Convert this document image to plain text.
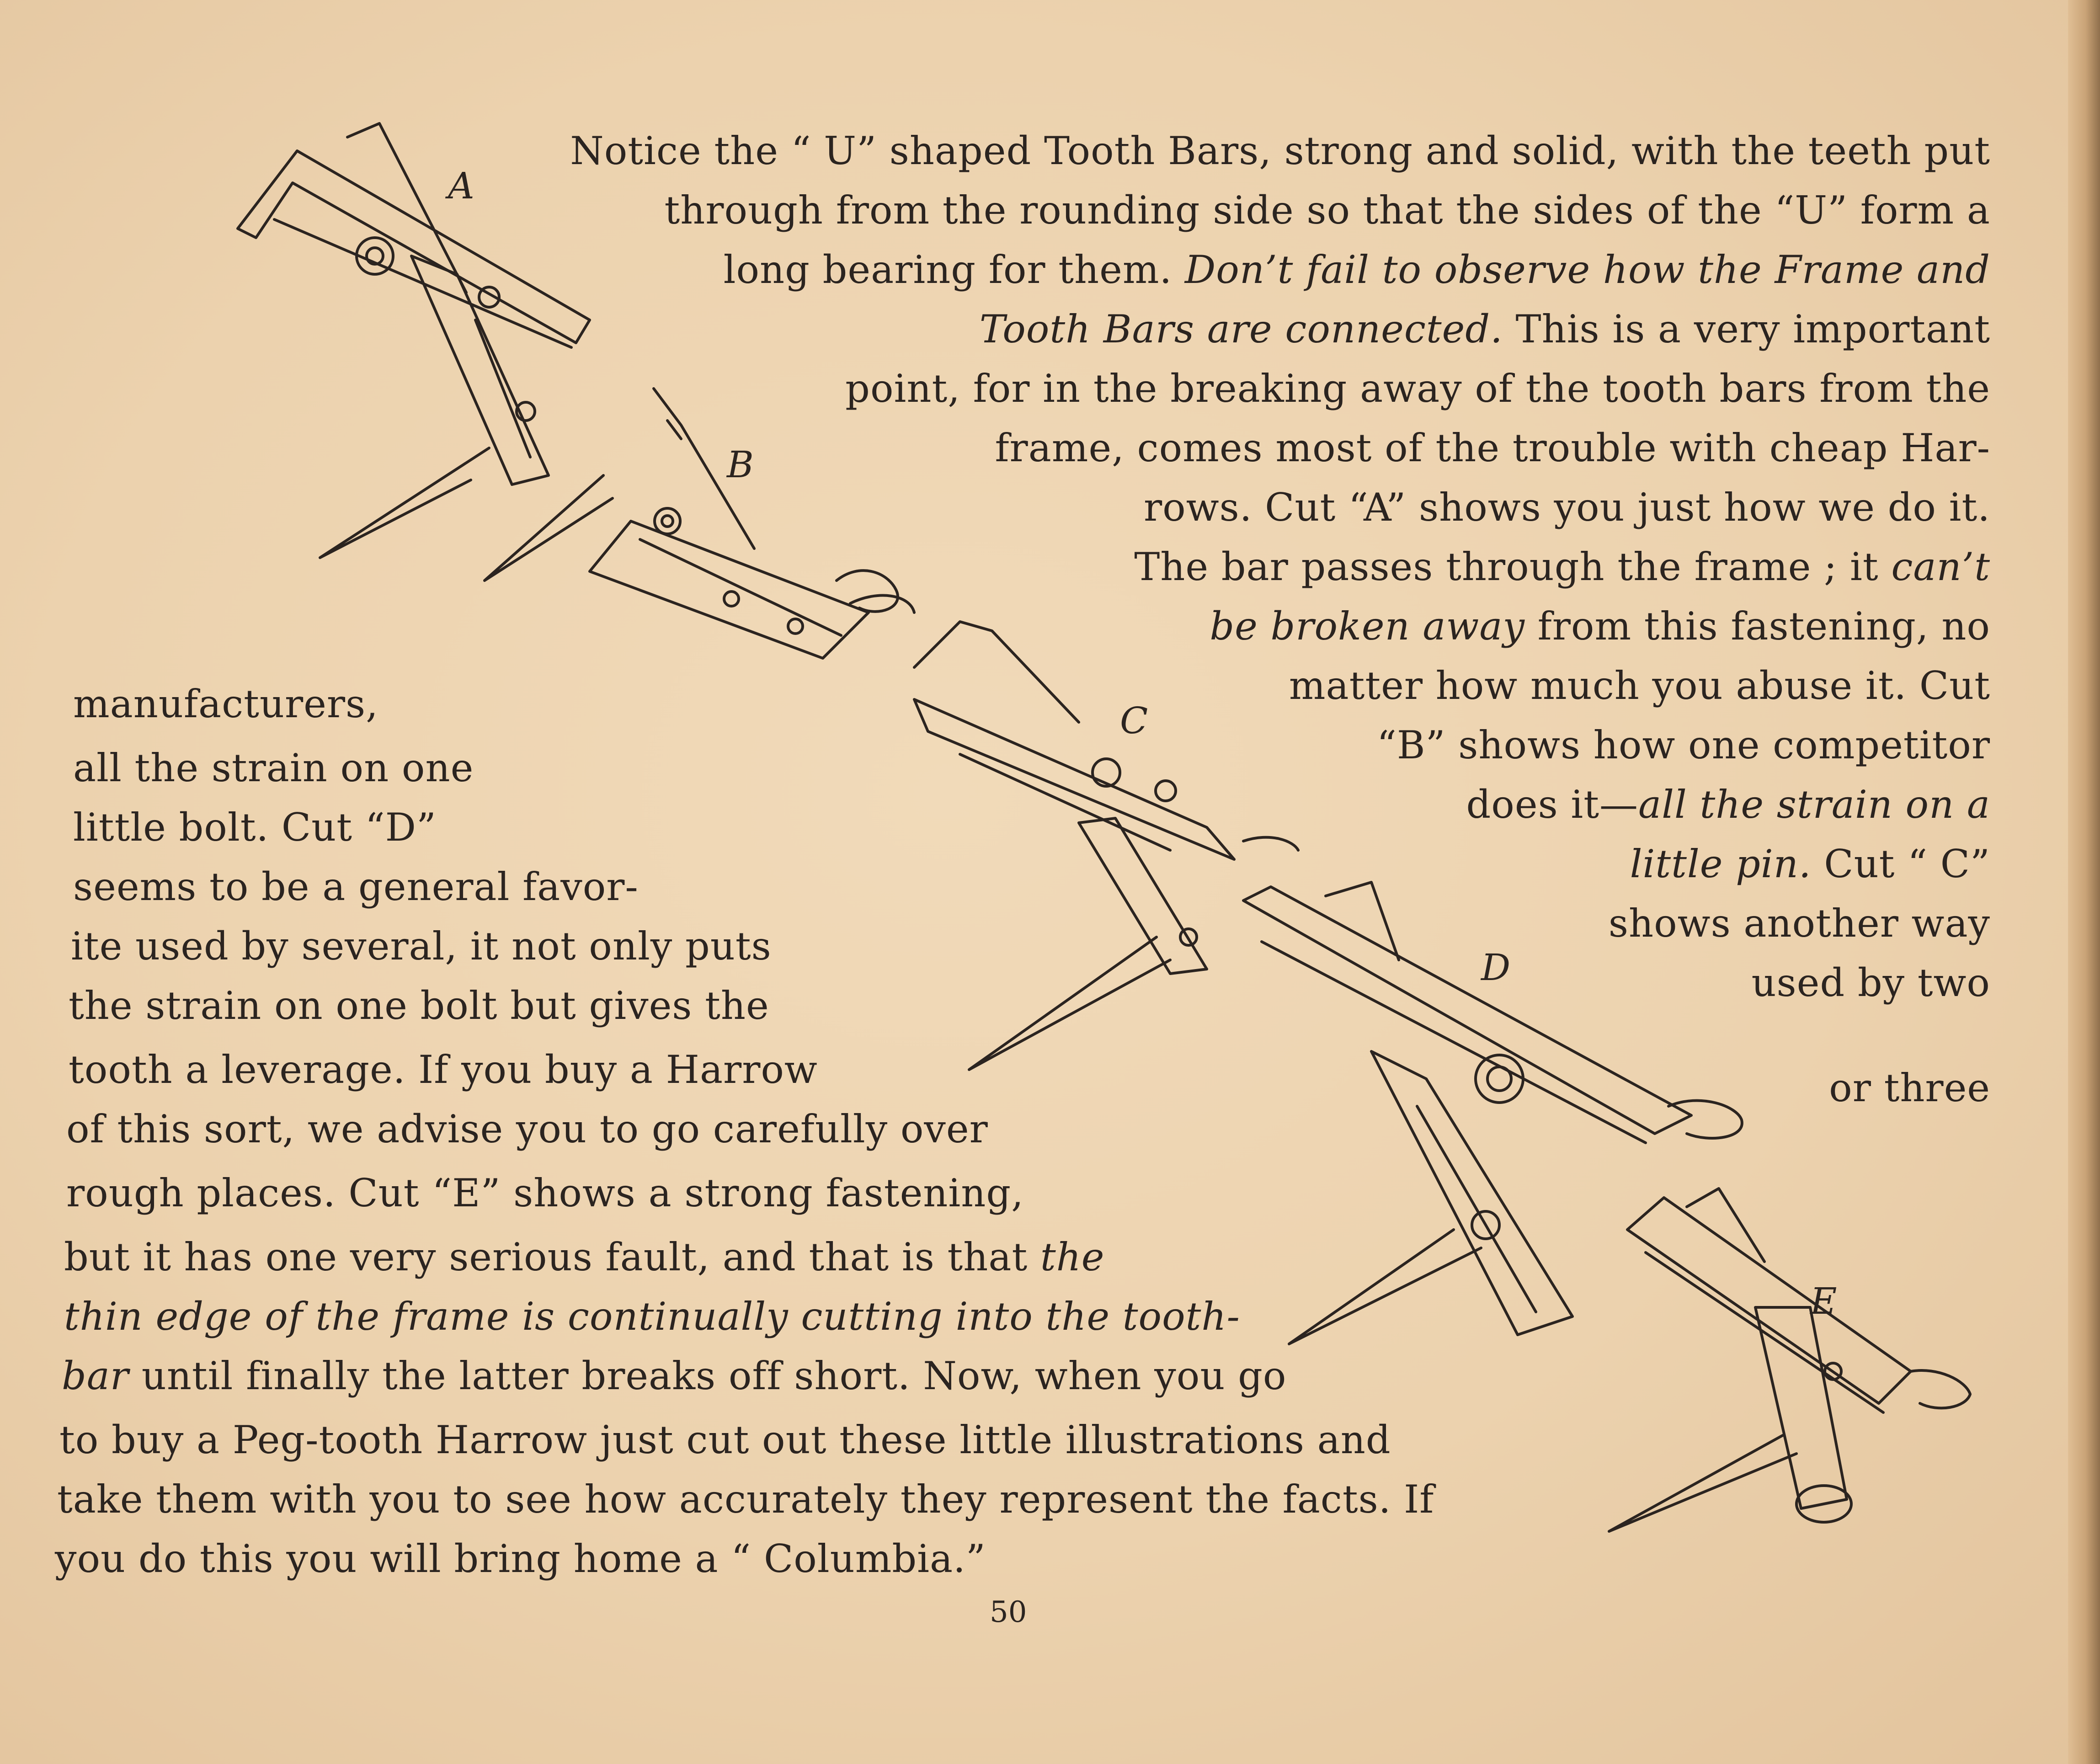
A
B
C
D
E
Notice the “ U” shaped Tooth Bars, strong and solid, with the teeth put
through from the rounding side so that the sides of the “U” form a
long bearing for them. Don’t fail to observe how the Frame and
Tooth Bars are connected. This is a very important
point, for in the breaking away of the tooth bars from the
frame, comes most of the trouble with cheap Har-
rows. Cut “A” shows you just how we do it.
The bar passes through the frame ; it can’t
be broken away from this fastening, no
matter how much you abuse it. Cut
“B” shows how one competitor
does it—all the strain on a
little pin. Cut “ C”
shows another way
used by two
or three
manufacturers,
all the strain on one
little bolt. Cut “D”
seems to be a general favor-
ite used by several, it not only puts
the strain on one bolt but gives the
tooth a leverage. If you buy a Harrow
of this sort, we advise you to go carefully over
rough places. Cut “E” shows a strong fastening,
but it has one very serious fault, and that is that the
thin edge of the frame is continually cutting into the tooth-
bar until finally the latter breaks off short. Now, when you go
to buy a Peg-tooth Harrow just cut out these little illustrations and
take them with you to see how accurately they represent the facts. If
you do this you will bring home a “ Columbia.”
50
